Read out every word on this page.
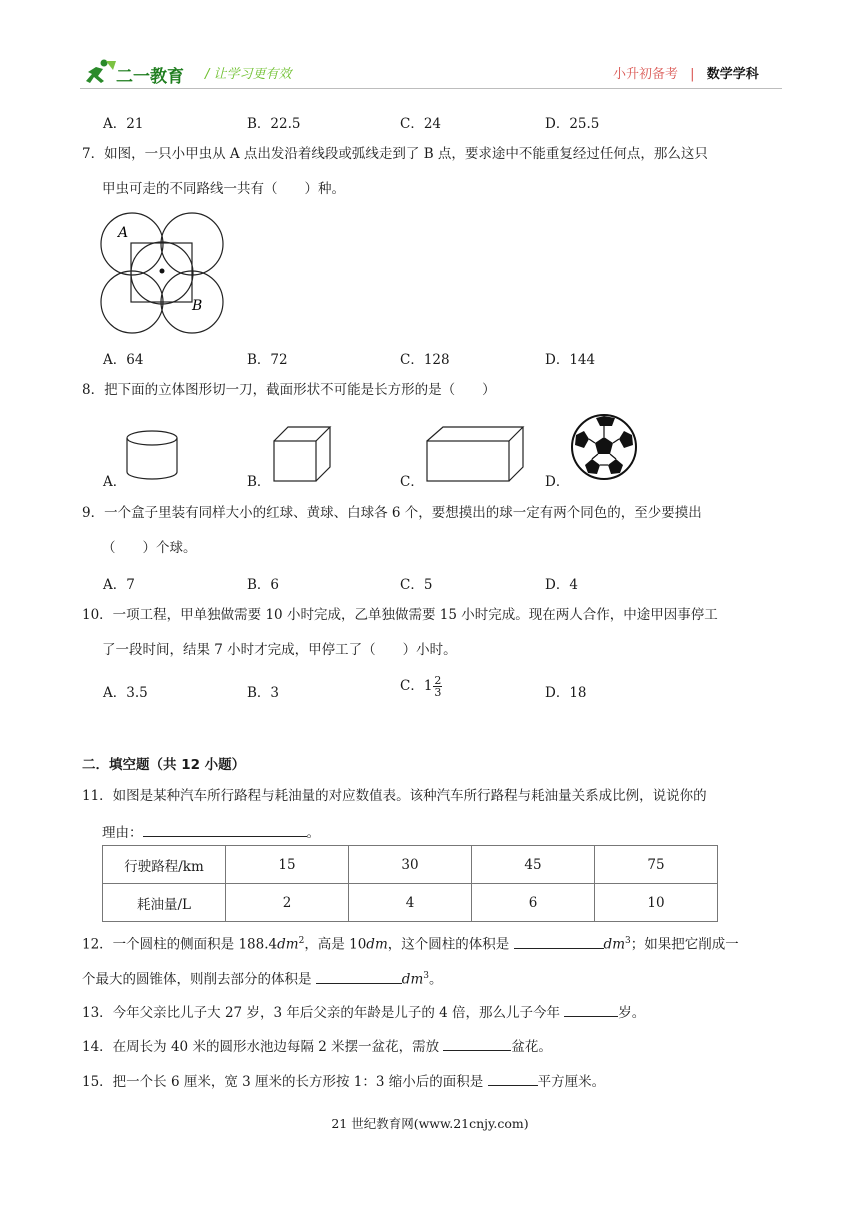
二一教育 / 让学习更有效	小升初备考 | 数学学科
A．21	B．22.5	C．24	D．25.5
7．如图，一只小甲虫从 A 点出发沿着线段或弧线走到了 B 点，要求途中不能重复经过任何点，那么这只
甲虫可走的不同路线一共有（　　）种。
A
B
A．64	B．72	C．128	D．144
8．把下面的立体图形切一刀，截面形状不可能是长方形的是（　　）
A．	B．	C．	D．
9．一个盒子里装有同样大小的红球、黄球、白球各 6 个，要想摸出的球一定有两个同色的，至少要摸出
（　　）个球。
A．7	B．6	C．5	D．4
10．一项工程，甲单独做需要 10 小时完成，乙单独做需要 15 小时完成。现在两人合作，中途甲因事停工
了一段时间，结果 7 小时才完成，甲停工了（　　）小时。
A．3.5	B．3	C．$1 \frac{2}{3}$	D．18
二．填空题（共 12 小题）
11．如图是某种汽车所行路程与耗油量的对应数值表。该种汽车所行路程与耗油量关系成比例，说说你的
理由：	。
行驶路程/km	15	30	45	75
耗油量/L	2	4	6	10
12．一个圆柱的侧面积是 $188.4dm^2$，高是 10dm，这个圆柱的体积是	$dm^3$；如果把它削成一
个最大的圆锥体，则削去部分的体积是	$dm^3$。
13．今年父亲比儿子大 27 岁，3 年后父亲的年龄是儿子的 4 倍，那么儿子今年	岁。
14．在周长为 40 米的圆形水池边每隔 2 米摆一盆花，需放	盆花。
15．把一个长 6 厘米，宽 3 厘米的长方形按 1：3 缩小后的面积是	平方厘米。
21 世纪教育网(www.21cnjy.com)
